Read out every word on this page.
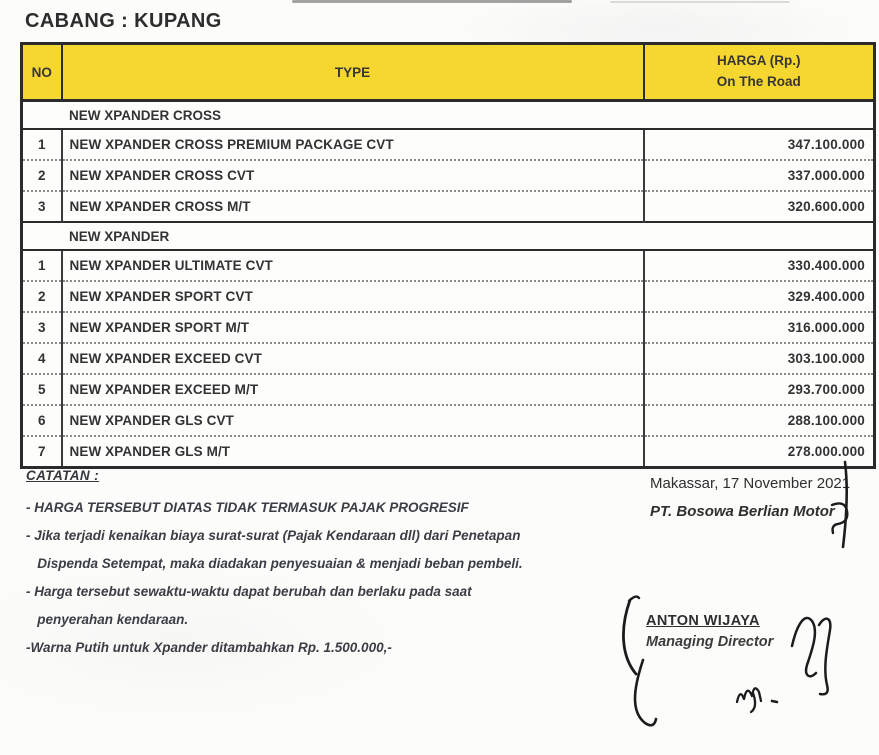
CABANG : KUPANG
NO	TYPE	HARGA (Rp.)
On The Road

NEW XPANDER CROSS		
1	NEW XPANDER CROSS PREMIUM PACKAGE CVT	347.100.000
2	NEW XPANDER CROSS CVT	337.000.000
3	NEW XPANDER CROSS M/T	320.600.000
NEW XPANDER		
1	NEW XPANDER ULTIMATE CVT	330.400.000
2	NEW XPANDER SPORT CVT	329.400.000
3	NEW XPANDER SPORT M/T	316.000.000
4	NEW XPANDER EXCEED CVT	303.100.000
5	NEW XPANDER EXCEED M/T	293.700.000
6	NEW XPANDER GLS CVT	288.100.000
7	NEW XPANDER GLS M/T	278.000.000
CATATAN :
- HARGA TERSEBUT DIATAS TIDAK TERMASUK PAJAK PROGRESIF
- Jika terjadi kenaikan biaya surat-surat (Pajak Kendaraan dll) dari Penetapan
Dispenda Setempat, maka diadakan penyesuaian & menjadi beban pembeli.
- Harga tersebut sewaktu-waktu dapat berubah dan berlaku pada saat
penyerahan kendaraan.
-Warna Putih untuk Xpander ditambahkan Rp. 1.500.000,-
Makassar, 17 November 2021
PT. Bosowa Berlian Motor
ANTON WIJAYA
Managing Director
